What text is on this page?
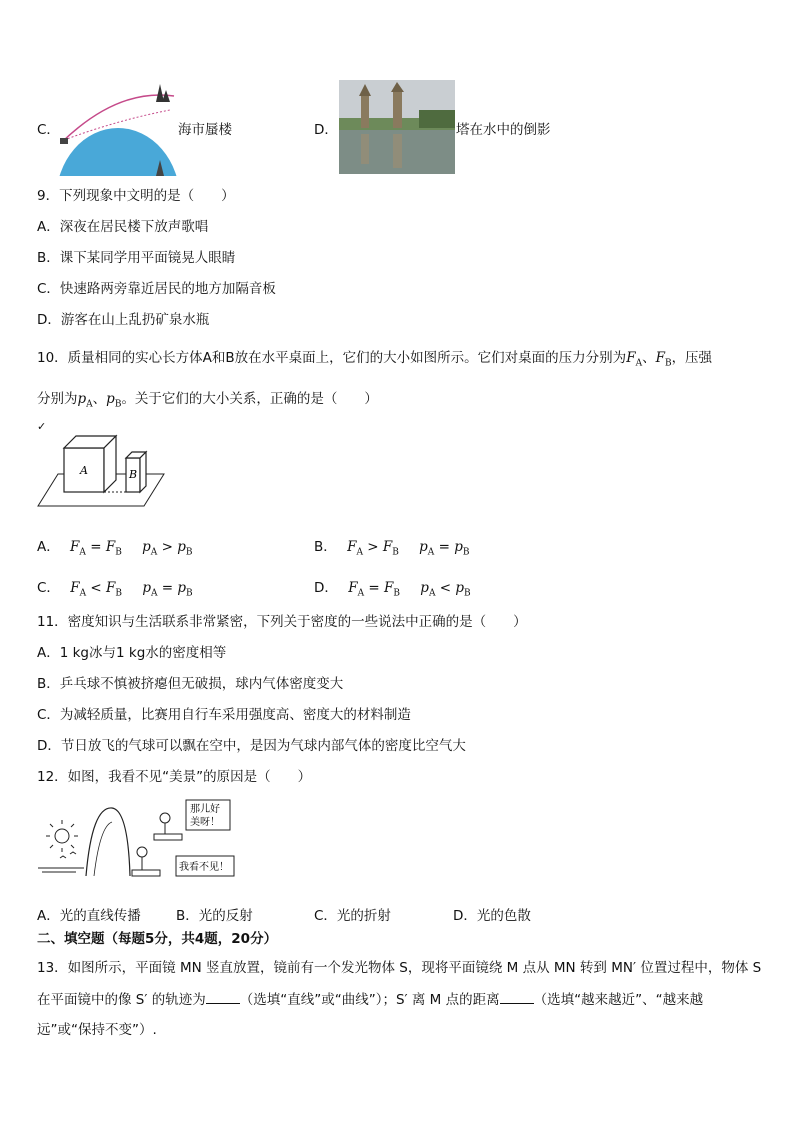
C．	海市蜃楼	D．	塔在水中的倒影
9．下列现象中文明的是（　　）
A．深夜在居民楼下放声歌唱
B．课下某同学用平面镜晃人眼睛
C．快速路两旁靠近居民的地方加隔音板
D．游客在山上乱扔矿泉水瓶
10．质量相同的实心长方体A和B放在水平桌面上，它们的大小如图所示。它们对桌面的压力分别为$F_A$、$F_B$，压强
分别为$p_A$、$p_B$。关于它们的大小关系，正确的是（　　）
✓
A	B
A． $F_A = F_B$ $p_A > p_B$	B． $F_A > F_B$ $p_A = p_B$
C． $F_A < F_B$ $p_A = p_B$	D． $F_A = F_B$ $p_A < p_B$
11．密度知识与生活联系非常紧密，下列关于密度的一些说法中正确的是（　　）
A．1 kg冰与1 kg水的密度相等
B．乒乓球不慎被挤瘪但无破损，球内气体密度变大
C．为减轻质量，比赛用自行车采用强度高、密度大的材料制造
D．节日放飞的气球可以飘在空中，是因为气球内部气体的密度比空气大
12．如图，我看不见“美景”的原因是（　　）
那儿好
美呀！
我看不见！
A．光的直线传播	B．光的反射	C．光的折射	D．光的色散
二、填空题（每题5分，共4题，20分）
13．如图所示，平面镜 MN 竖直放置，镜前有一个发光物体 S，现将平面镜绕 M 点从 MN 转到 MN′ 位置过程中，物体 S
在平面镜中的像 S′ 的轨迹为	（选填“直线”或“曲线”）；S′ 离 M 点的距离	（选填“越来越近”、“越来越
远”或“保持不变”）.
